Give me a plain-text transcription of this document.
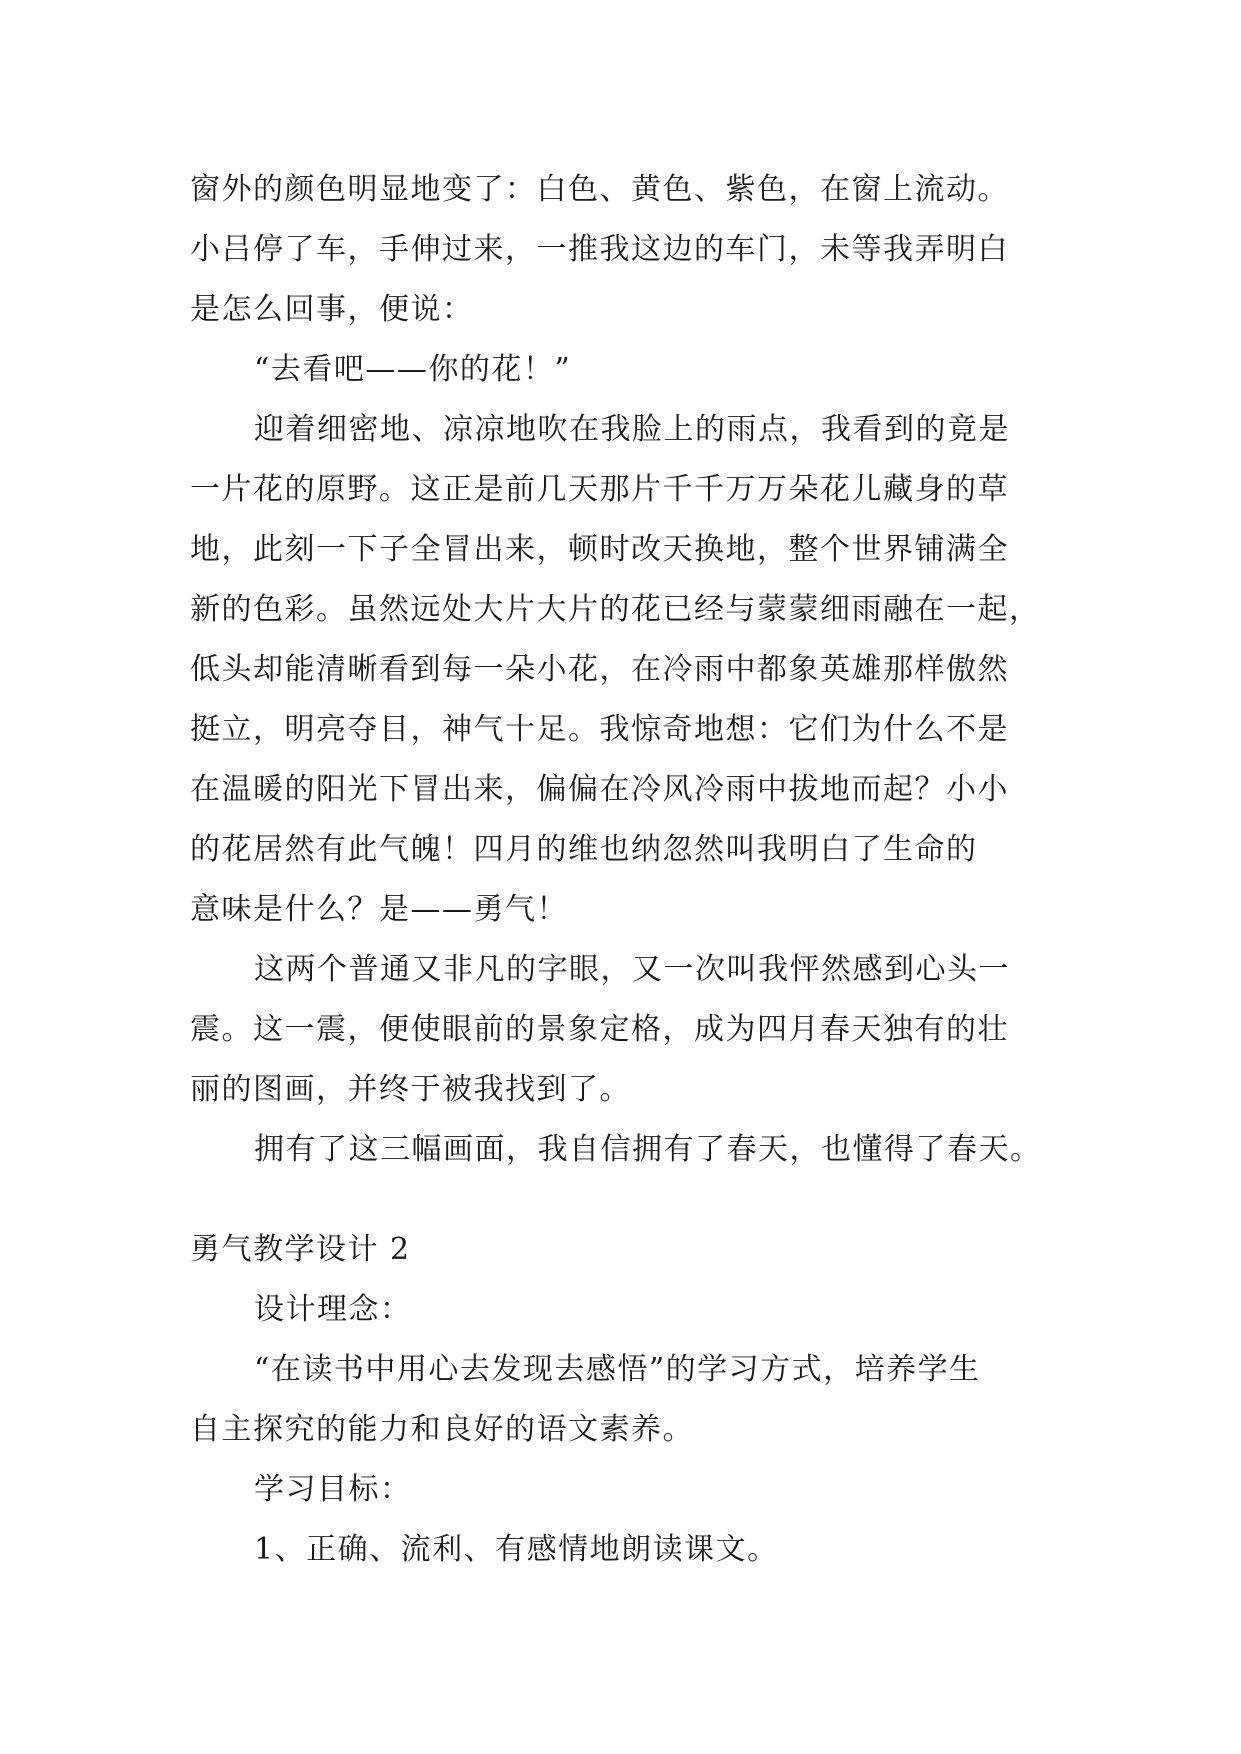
窗外的颜色明显地变了：白色、黄色、紫色，在窗上流动。
小吕停了车，手伸过来，一推我这边的车门，未等我弄明白
是怎么回事，便说：
“去看吧——你的花！”
迎着细密地、凉凉地吹在我脸上的雨点，我看到的竟是
一片花的原野。这正是前几天那片千千万万朵花儿藏身的草
地，此刻一下子全冒出来，顿时改天换地，整个世界铺满全
新的色彩。虽然远处大片大片的花已经与蒙蒙细雨融在一起，
低头却能清晰看到每一朵小花，在冷雨中都象英雄那样傲然
挺立，明亮夺目，神气十足。我惊奇地想：它们为什么不是
在温暖的阳光下冒出来，偏偏在冷风冷雨中拔地而起？小小
的花居然有此气魄！四月的维也纳忽然叫我明白了生命的
意味是什么？是——勇气！
这两个普通又非凡的字眼，又一次叫我怦然感到心头一
震。这一震，便使眼前的景象定格，成为四月春天独有的壮
丽的图画，并终于被我找到了。
拥有了这三幅画面，我自信拥有了春天，也懂得了春天。
勇气教学设计 2
设计理念：
“在读书中用心去发现去感悟”的学习方式，培养学生
自主探究的能力和良好的语文素养。
学习目标：
1、正确、流利、有感情地朗读课文。
